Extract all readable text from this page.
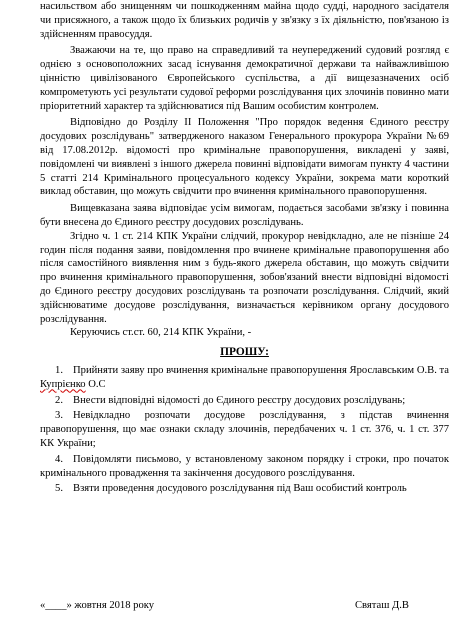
насильством або знищенням чи пошкодженням майна щодо суддi, народного засiдателя чи присяжного, а також щодо їх близьких родичiв у зв'язку з їх дiяльнiстю, пов'язаною iз здiйсненням правосуддя.

Зважаючи на те, що право на справедливий та неупереджений судовий розгляд є однiєю з основоположних засад iснування демократичної держави та найважливiшою цiннiстю цивiлiзованого Європейського суспiльства, а дiї вищезазначених осiб компрометують усi результати судової реформи розслiдування цих злочинiв повинно мати прiоритетний характер та здiйснюватися пiд Вашим особистим контролем.

Вiдповiдно до Роздiлу II Положення "Про порядок ведення Єдиного реєстру досудових розслiдувань" затвердженого наказом Генерального прокурора України №69 вiд 17.08.2012р. вiдомостi про кримiнальне правопорушення, викладенi у заявi, повiдомленi чи виявленi з iншого джерела повиннi вiдповiдати вимогам пункту 4 частини 5 статтi 214 Кримiнального процесуального кодексу України, зокрема мати короткий виклад обставин, що можуть свiдчити про вчинення кримiнального правопорушення.

Вищевказана заява вiдповiдає усiм вимогам, подається засобами зв'язку i повинна бути внесена до Єдиного реєстру досудових розслiдувань.

Згiдно ч. 1 ст. 214 КПК України слiдчий, прокурор невiдкладно, але не пiзнiше 24 годин пiсля подання заяви, повiдомлення про вчинене кримiнальне правопорушення або пiсля самостiйного виявлення ним з будь-якого джерела обставин, що можуть свiдчити про вчинення кримiнального правопорушення, зобов'язаний внести вiдповiднi вiдомостi до Єдиного реєстру досудових розслiдувань та розпочати розслiдування. Слiдчий, який здiйснюватиме досудове розслiдування, визначається керiвником органу досудового розслiдування.

Керуючись ст.ст. 60, 214 КПК України, -

ПРОШУ:
1. Прийняти заяву про вчинення кримiнальне правопорушення Ярославським О.В. та Купрiєнко О.С
2. Внести вiдповiднi вiдомостi до Єдиного реєстру досудових розслiдувань;
3. Невiдкладно розпочати досудове розслiдування, з пiдстав вчинення правопорушення, що має ознаки складу злочинiв, передбачених ч. 1 ст. 376, ч. 1 ст. 377 КК України;
4. Повiдомляти письмово, у встановленому законом порядку i строки, про початок кримiнального провадження та закiнчення досудового розслiдування.
5. Взяти проведення досудового розслiдування пiд Ваш особистий контроль
«____» жовтня 2018 року	Святаш Д.В
